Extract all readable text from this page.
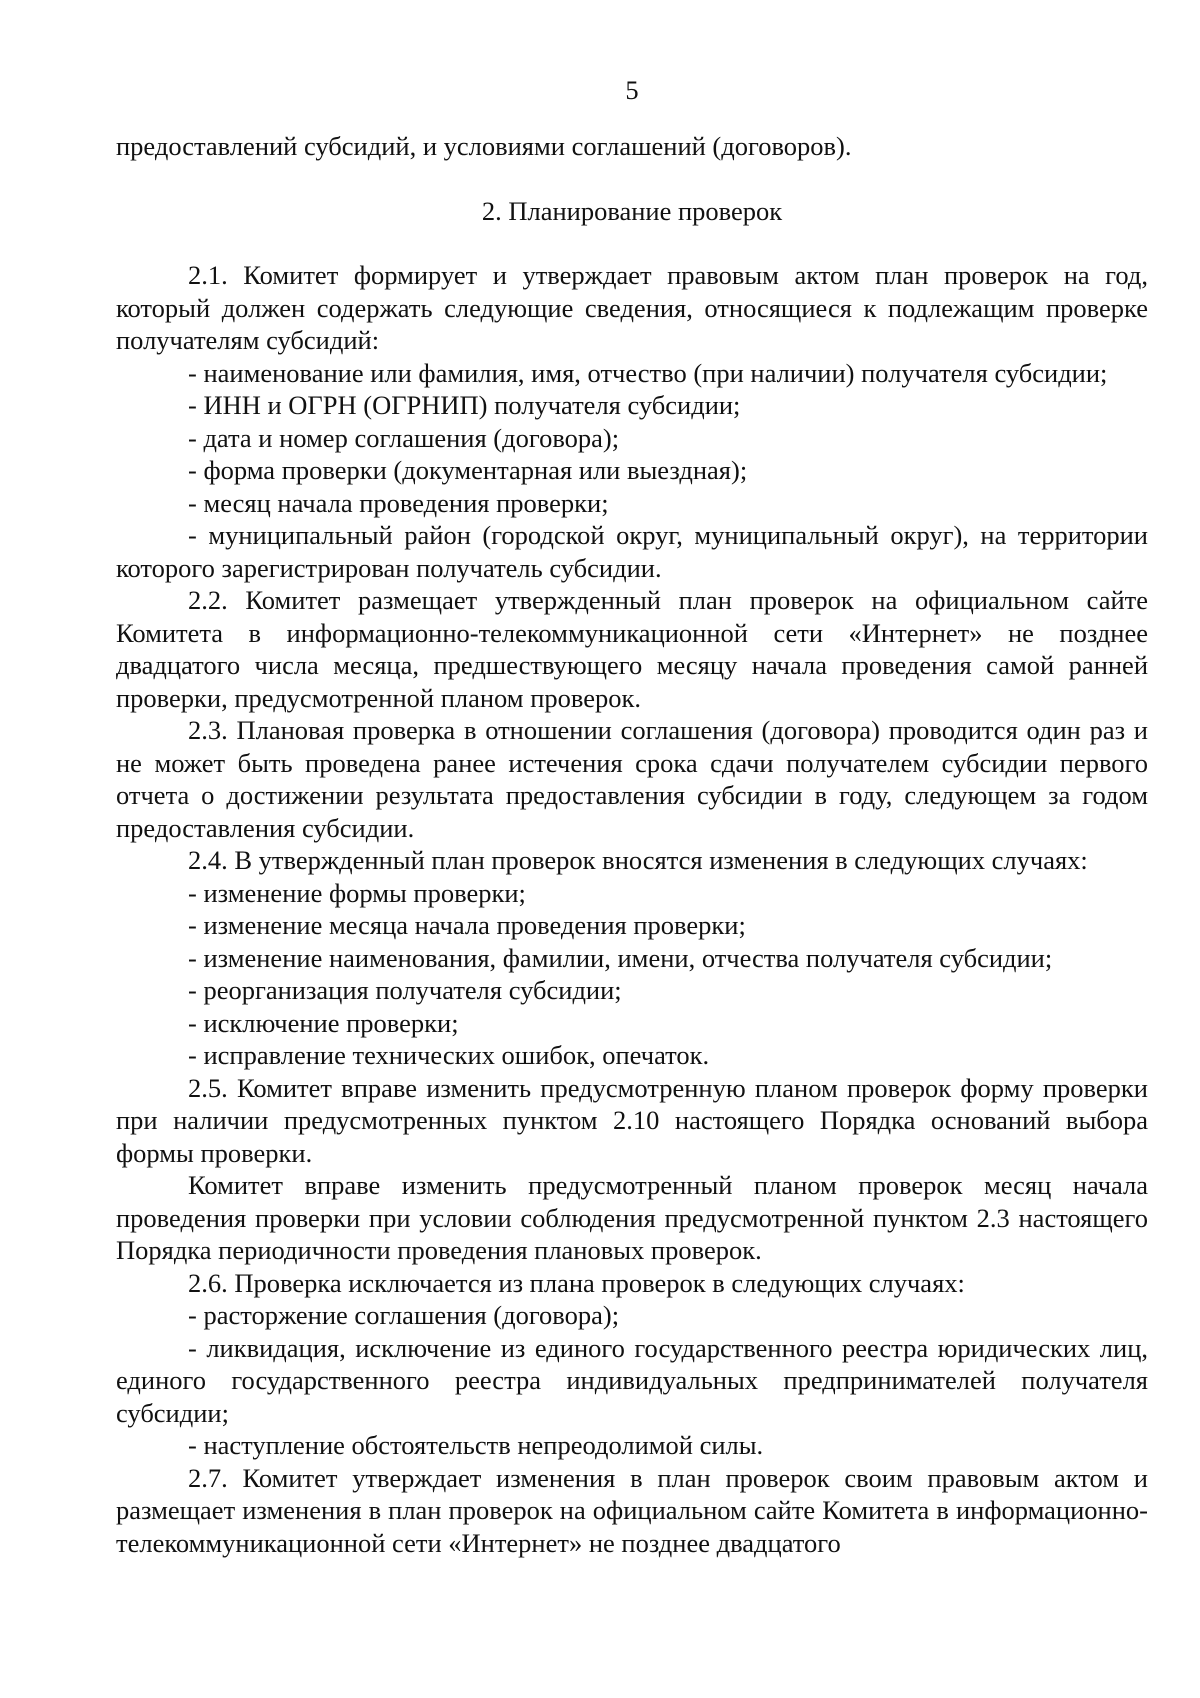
5

предоставлений субсидий, и условиями соглашений (договоров).

2. Планирование проверок

2.1. Комитет формирует и утверждает правовым актом план проверок на год, который должен содержать следующие сведения, относящиеся к подлежащим проверке получателям субсидий:

- наименование или фамилия, имя, отчество (при наличии) получателя субсидии;

- ИНН и ОГРН (ОГРНИП) получателя субсидии;

- дата и номер соглашения (договора);

- форма проверки (документарная или выездная);

- месяц начала проведения проверки;

- муниципальный район (городской округ, муниципальный округ), на территории которого зарегистрирован получатель субсидии.

2.2. Комитет размещает утвержденный план проверок на официальном сайте Комитета в информационно-телекоммуникационной сети «Интернет» не позднее двадцатого числа месяца, предшествующего месяцу начала проведения самой ранней проверки, предусмотренной планом проверок.

2.3. Плановая проверка в отношении соглашения (договора) проводится один раз и не может быть проведена ранее истечения срока сдачи получателем субсидии первого отчета о достижении результата предоставления субсидии в году, следующем за годом предоставления субсидии.

2.4. В утвержденный план проверок вносятся изменения в следующих случаях:

- изменение формы проверки;

- изменение месяца начала проведения проверки;

- изменение наименования, фамилии, имени, отчества получателя субсидии;

- реорганизация получателя субсидии;

- исключение проверки;

- исправление технических ошибок, опечаток.

2.5. Комитет вправе изменить предусмотренную планом проверок форму проверки при наличии предусмотренных пунктом 2.10 настоящего Порядка оснований выбора формы проверки.

Комитет вправе изменить предусмотренный планом проверок месяц начала проведения проверки при условии соблюдения предусмотренной пунктом 2.3 настоящего Порядка периодичности проведения плановых проверок.

2.6. Проверка исключается из плана проверок в следующих случаях:

- расторжение соглашения (договора);

- ликвидация, исключение из единого государственного реестра юридических лиц, единого государственного реестра индивидуальных предпринимателей получателя субсидии;

- наступление обстоятельств непреодолимой силы.

2.7. Комитет утверждает изменения в план проверок своим правовым актом и размещает изменения в план проверок на официальном сайте Комитета в информационно-телекоммуникационной сети «Интернет» не позднее двадцатого
